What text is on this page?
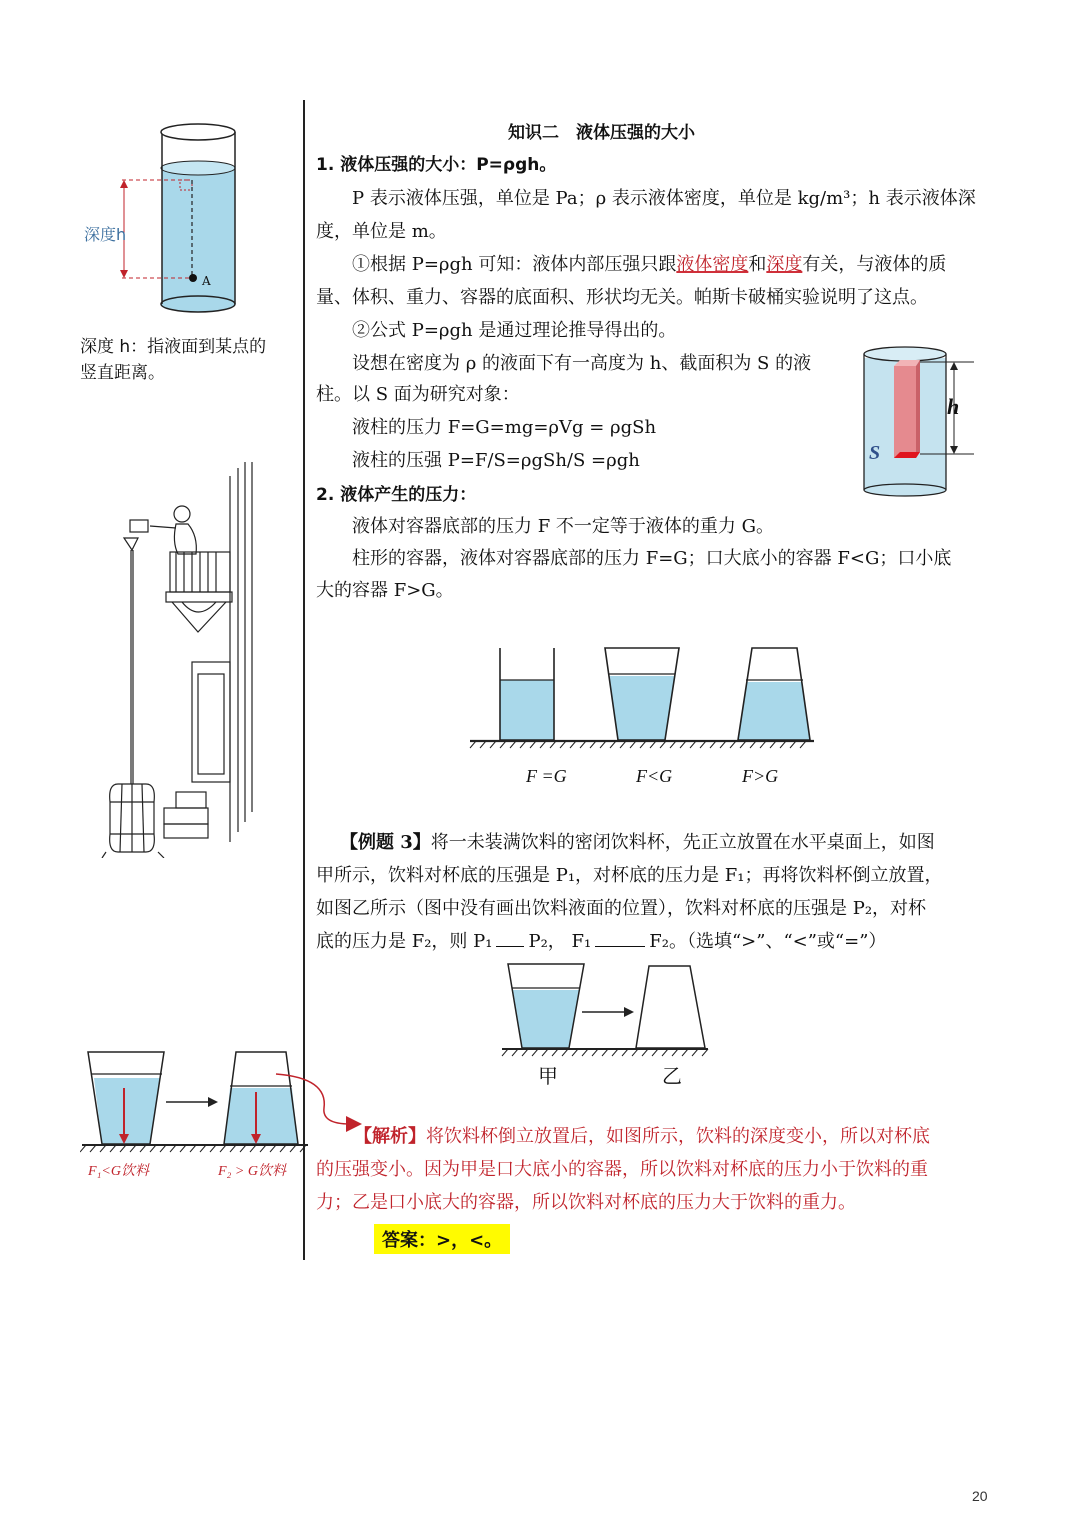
深度h
A
深度 h：指液面到某点的竖直距离。
F₁<G饮料	F₂ > G饮料
知识二　液体压强的大小
1. 液体压强的大小：P=ρgh。
P 表示液体压强，单位是 Pa；ρ 表示液体密度，单位是 kg/m³；h 表示液体深
度，单位是 m。
①根据 P=ρgh 可知：液体内部压强只跟液体密度和深度有关，与液体的质
量、体积、重力、容器的底面积、形状均无关。帕斯卡破桶实验说明了这点。
②公式 P=ρgh 是通过理论推导得出的。
设想在密度为 ρ 的液面下有一高度为 h、截面积为 S 的液
柱。以 S 面为研究对象：
液柱的压力 F=G=mg=ρVg = ρgSh
液柱的压强 P=F/S=ρgSh/S =ρgh
h
S
2. 液体产生的压力：
液体对容器底部的压力 F 不一定等于液体的重力 G。
柱形的容器，液体对容器底部的压力 F=G；口大底小的容器 F<G；口小底
大的容器 F>G。
F =G	F<G	F>G
【例题 3】将一未装满饮料的密闭饮料杯，先正立放置在水平桌面上，如图
甲所示，饮料对杯底的压强是 P₁，对杯底的压力是 F₁；再将饮料杯倒立放置，
如图乙所示（图中没有画出饮料液面的位置），饮料对杯底的压强是 P₂，对杯
底的压力是 F₂，则 P₁ P₂， F₁	F₂。（选填“>”、“<”或“=”）
甲	乙
【解析】将饮料杯倒立放置后，如图所示，饮料的深度变小，所以对杯底
的压强变小。因为甲是口大底小的容器，所以饮料对杯底的压力小于饮料的重
力；乙是口小底大的容器，所以饮料对杯底的压力大于饮料的重力。
答案：>，<。
20
